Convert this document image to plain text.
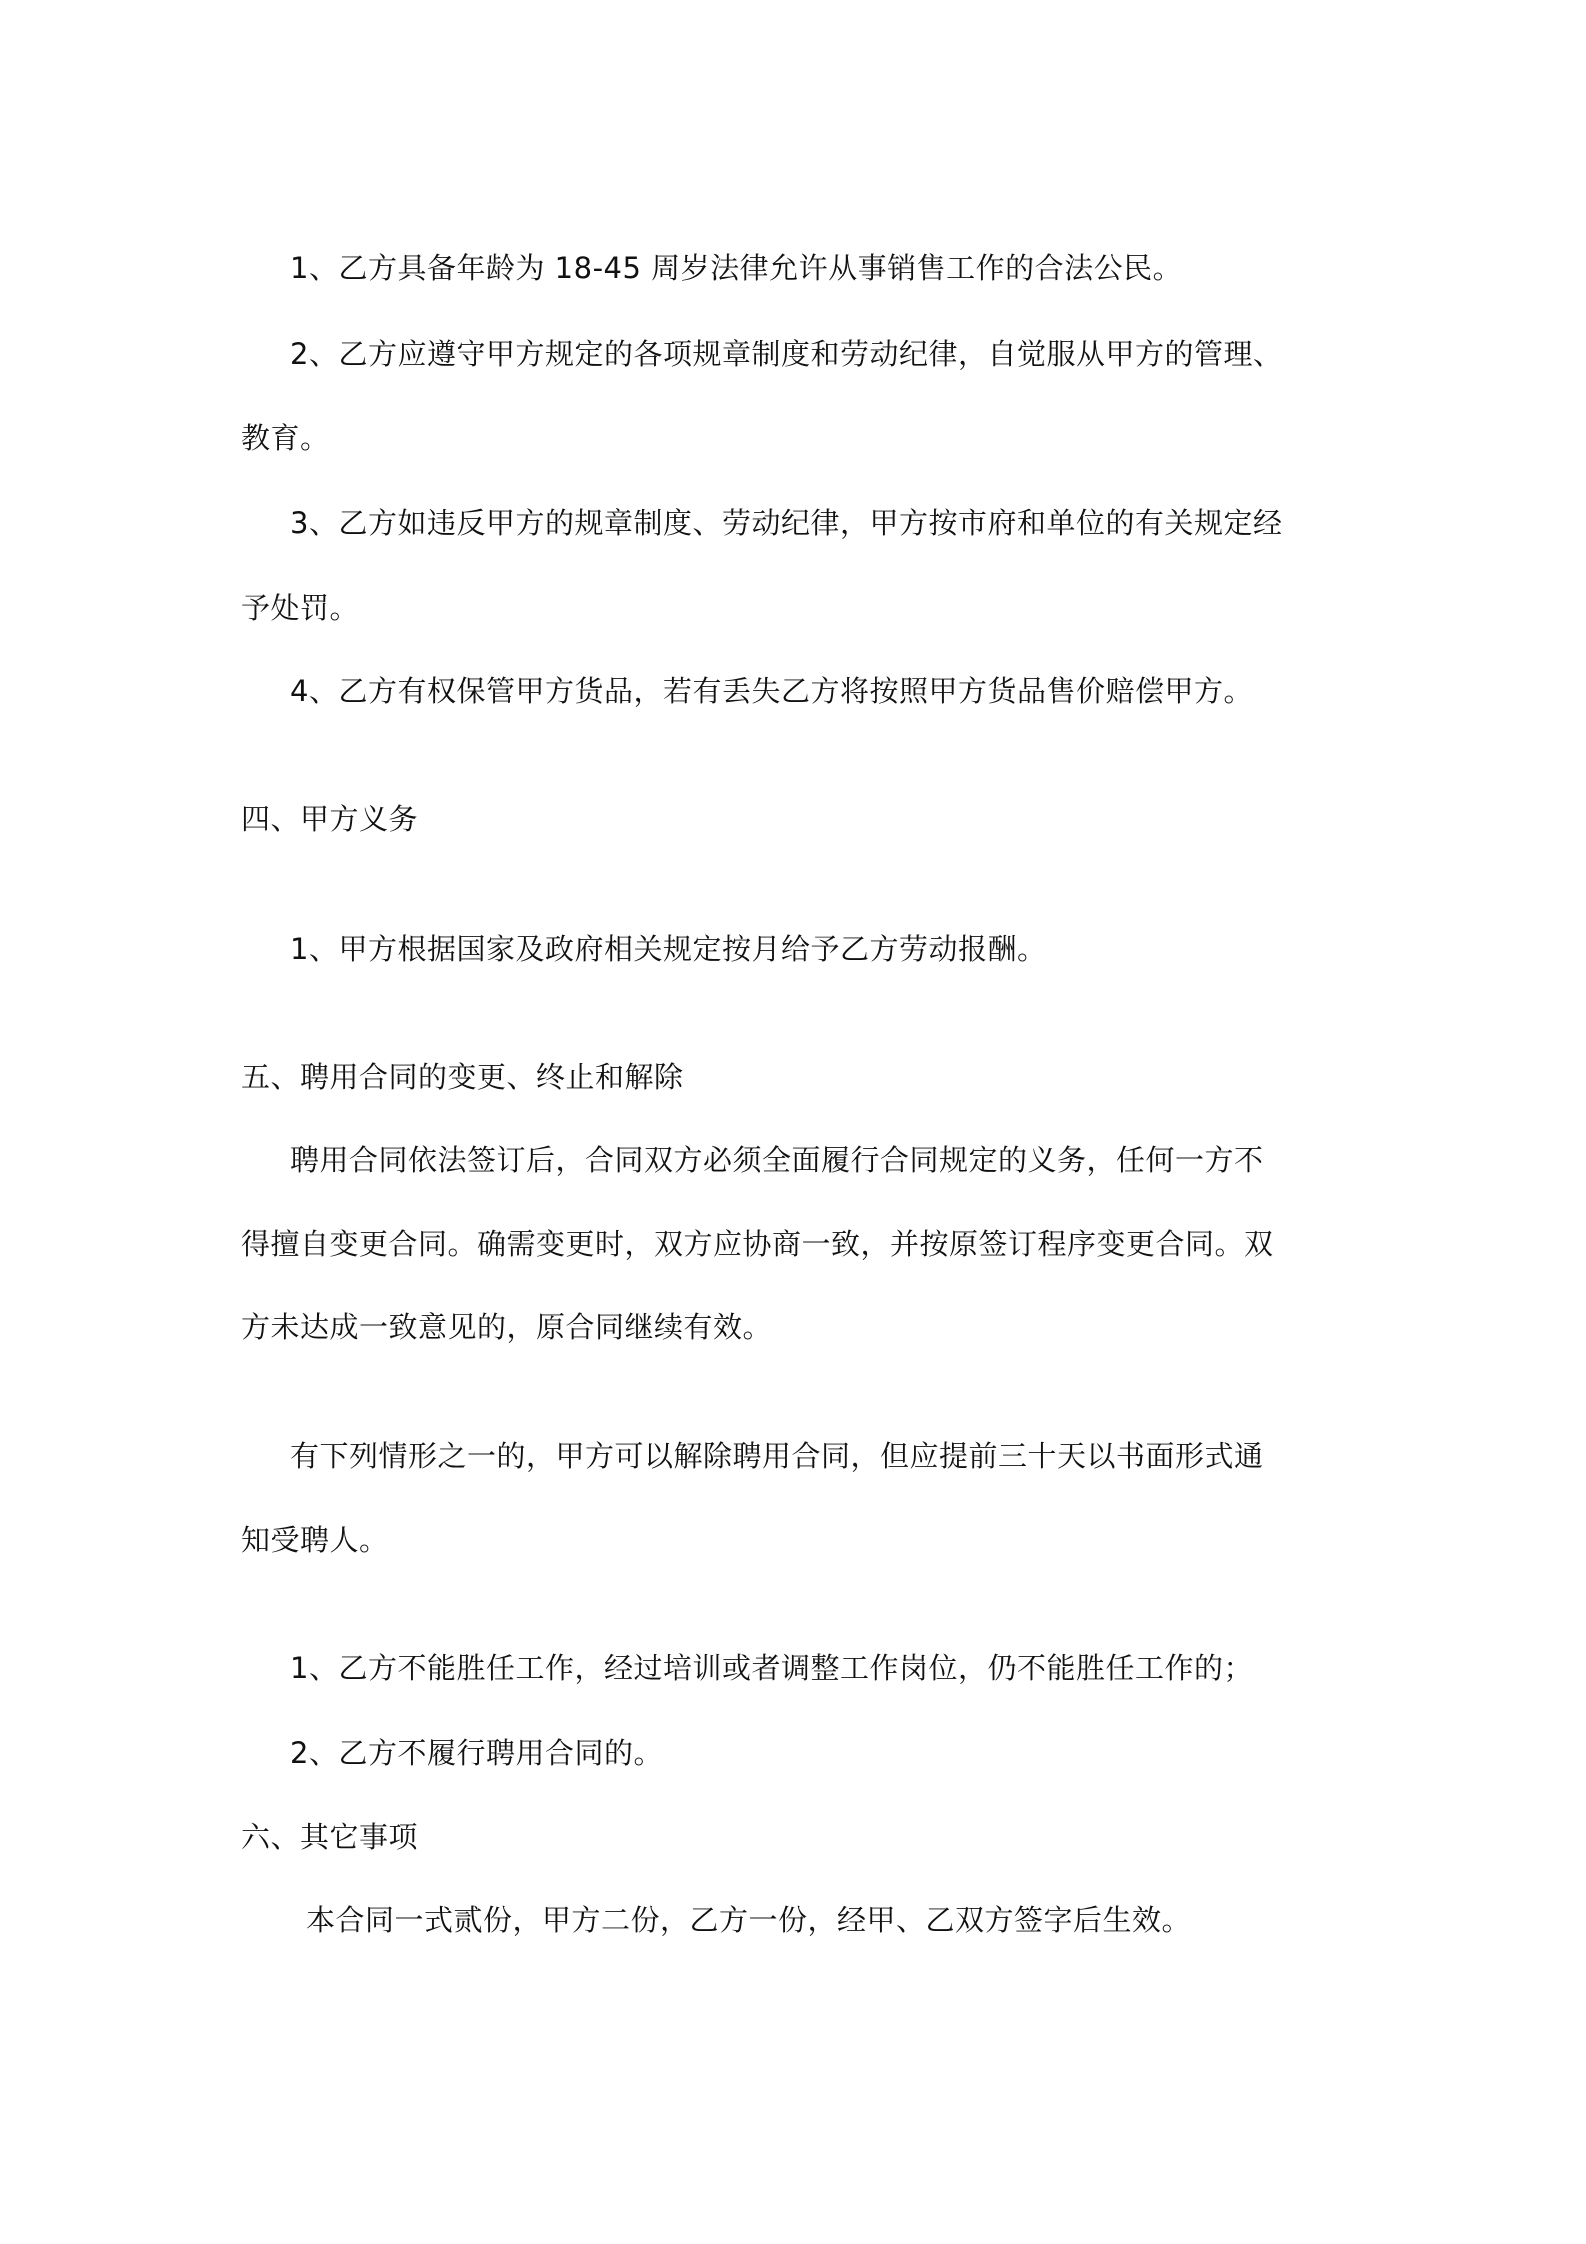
1、乙方具备年龄为 18-45 周岁法律允许从事销售工作的合法公民。
2、乙方应遵守甲方规定的各项规章制度和劳动纪律，自觉服从甲方的管理、
教育。
3、乙方如违反甲方的规章制度、劳动纪律，甲方按市府和单位的有关规定经
予处罚。
4、乙方有权保管甲方货品，若有丢失乙方将按照甲方货品售价赔偿甲方。
四、甲方义务
1、甲方根据国家及政府相关规定按月给予乙方劳动报酬。
五、聘用合同的变更、终止和解除
聘用合同依法签订后，合同双方必须全面履行合同规定的义务，任何一方不
得擅自变更合同。确需变更时，双方应协商一致，并按原签订程序变更合同。双
方未达成一致意见的，原合同继续有效。
有下列情形之一的，甲方可以解除聘用合同，但应提前三十天以书面形式通
知受聘人。
1、乙方不能胜任工作，经过培训或者调整工作岗位，仍不能胜任工作的；
2、乙方不履行聘用合同的。
六、其它事项
本合同一式贰份，甲方二份，乙方一份，经甲、乙双方签字后生效。
